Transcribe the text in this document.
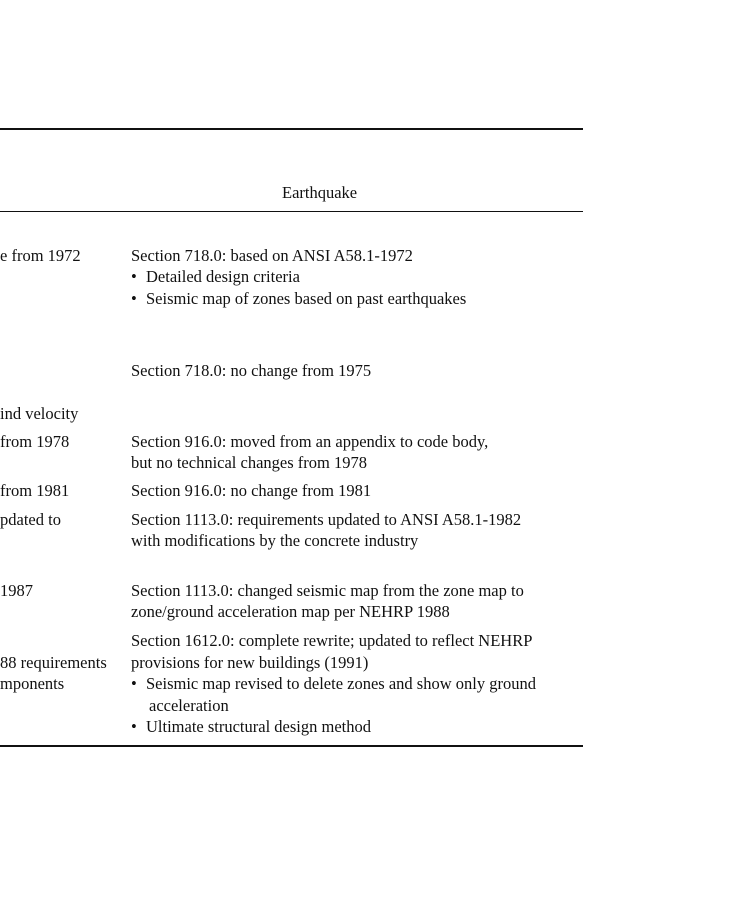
Earthquake
e from 1972
ind velocity
from 1978
from 1981
pdated to
1987
88 requirements
mponents
Section 718.0: based on ANSI A58.1-1972
• Detailed design criteria
• Seismic map of zones based on past earthquakes
Section 718.0: no change from 1975
Section 916.0: moved from an appendix to code body,
but no technical changes from 1978
Section 916.0: no change from 1981
Section 1113.0: requirements updated to ANSI A58.1-1982
with modifications by the concrete industry
Section 1113.0: changed seismic map from the zone map to
zone/ground acceleration map per NEHRP 1988
Section 1612.0: complete rewrite; updated to reflect NEHRP
provisions for new buildings (1991)
• Seismic map revised to delete zones and show only ground
acceleration
• Ultimate structural design method
